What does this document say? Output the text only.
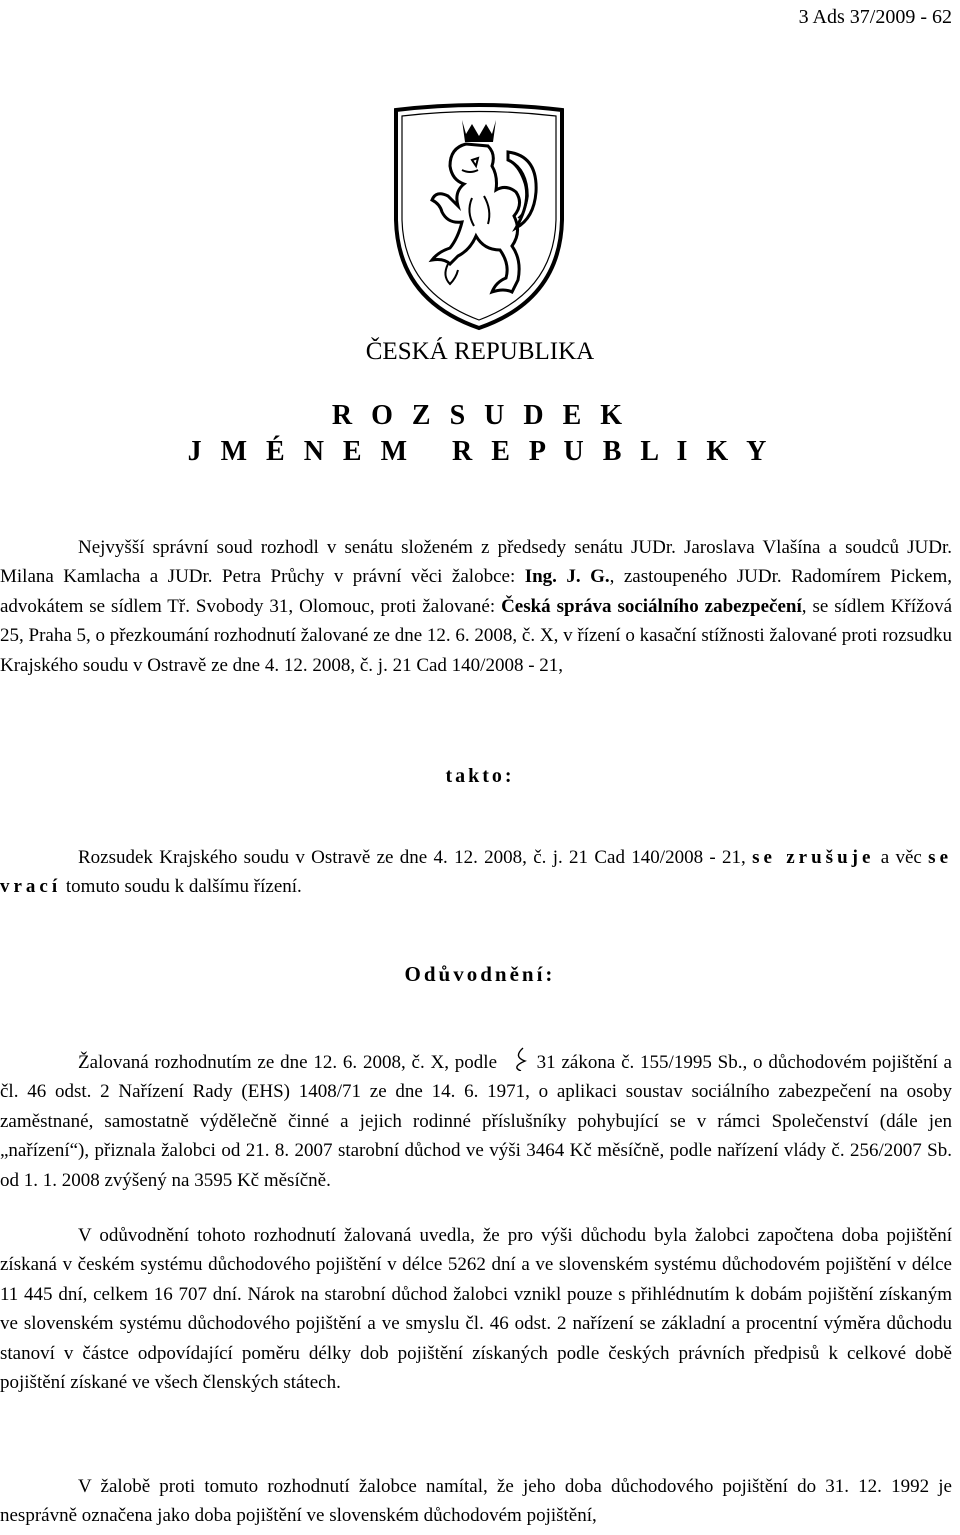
3 Ads 37/2009 - 62
ČESKÁ REPUBLIKA
R O Z S U D E K
J M É N E M   R E P U B L I K Y

Nejvyšší správní soud rozhodl v senátu složeném z předsedy senátu JUDr. Jaroslava Vlašína a soudců JUDr. Milana Kamlacha a JUDr. Petra Průchy v právní věci žalobce: Ing. J. G., zastoupeného JUDr. Radomírem Pickem, advokátem se sídlem Tř. Svobody 31, Olomouc, proti žalované: Česká správa sociálního zabezpečení, se sídlem Křížová 25, Praha 5, o přezkoumání rozhodnutí žalované ze dne 12. 6. 2008, č. X, v řízení o kasační stížnosti žalované proti rozsudku Krajského soudu v Ostravě ze dne 4. 12. 2008, č. j. 21 Cad 140/2008 - 21,

takto:

Rozsudek Krajského soudu v Ostravě ze dne 4. 12. 2008, č. j. 21 Cad 140/2008 - 21, se zrušuje a věc se vrací tomuto soudu k dalšímu řízení.

Odůvodnění:

Žalovaná rozhodnutím ze dne 12. 6. 2008, č. X, podle
31 zákona č. 155/1995 Sb., o důchodovém pojištění a čl. 46 odst. 2 Nařízení Rady (EHS) 1408/71 ze dne 14. 6. 1971, o aplikaci soustav sociálního zabezpečení na osoby zaměstnané, samostatně výdělečně činné a jejich rodinné příslušníky pohybující se v rámci Společenství (dále jen „nařízení“), přiznala žalobci od 21. 8. 2007 starobní důchod ve výši 3464 Kč měsíčně, podle nařízení vlády č. 256/2007 Sb. od 1. 1. 2008 zvýšený na 3595 Kč měsíčně.

V odůvodnění tohoto rozhodnutí žalovaná uvedla, že pro výši důchodu byla žalobci započtena doba pojištění získaná v českém systému důchodového pojištění v délce 5262 dní a ve slovenském systému důchodovém pojištění v délce 11 445 dní, celkem 16 707 dní. Nárok na starobní důchod žalobci vznikl pouze s přihlédnutím k dobám pojištění získaným ve slovenském systému důchodového pojištění a ve smyslu čl. 46 odst. 2 nařízení se základní a procentní výměra důchodu stanoví v částce odpovídající poměru délky dob pojištění získaných podle českých právních předpisů k celkové době pojištění získané ve všech členských státech.

V žalobě proti tomuto rozhodnutí žalobce namítal, že jeho doba důchodového pojištění do 31. 12. 1992 je nesprávně označena jako doba pojištění ve slovenském důchodovém pojištění,
